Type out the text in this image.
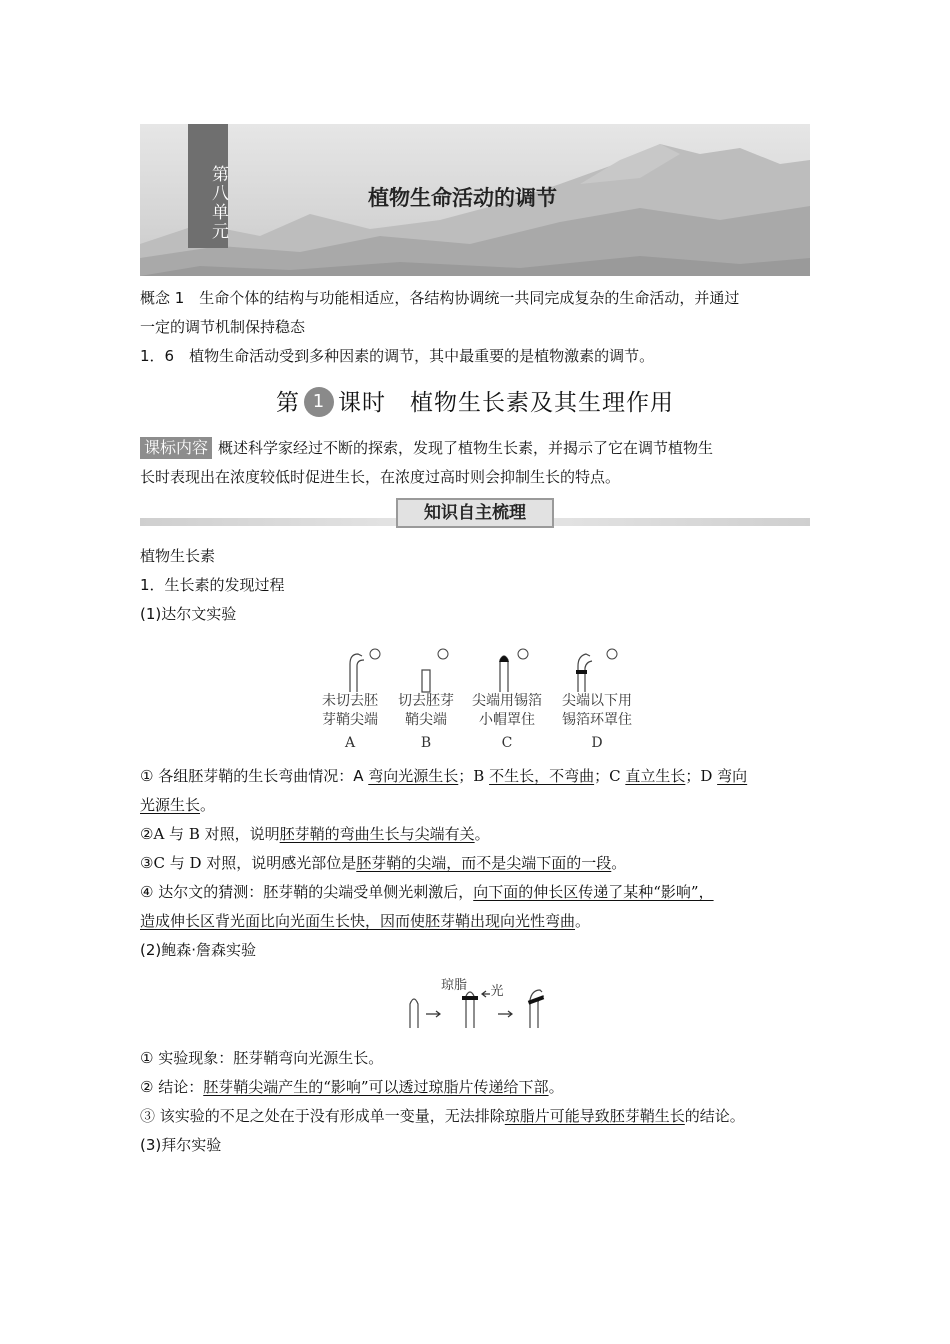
第八单元	植物生命活动的调节
概念 1　生命个体的结构与功能相适应，各结构协调统一共同完成复杂的生命活动，并通过
一定的调节机制保持稳态
1．6　植物生命活动受到多种因素的调节，其中最重要的是植物激素的调节。
第 1 课时　植物生长素及其生理作用
课标内容 概述科学家经过不断的探索，发现了植物生长素，并揭示了它在调节植物生
长时表现出在浓度较低时促进生长，在浓度过高时则会抑制生长的特点。
知识自主梳理
植物生长素
1．生长素的发现过程
(1)达尔文实验
未切去胚
芽鞘尖端
A
切去胚芽
鞘尖端
B
尖端用锡箔
小帽罩住
C
尖端以下用
锡箔环罩住
D
① 各组胚芽鞘的生长弯曲情况：A 弯向光源生长；B 不生长，不弯曲；C 直立生长；D 弯向
光源生长。
②A 与 B 对照，说明胚芽鞘的弯曲生长与尖端有关。
③C 与 D 对照，说明感光部位是胚芽鞘的尖端，而不是尖端下面的一段。
④ 达尔文的猜测：胚芽鞘的尖端受单侧光刺激后，向下面的伸长区传递了某种“影响”，
造成伸长区背光面比向光面生长快，因而使胚芽鞘出现向光性弯曲。
(2)鲍森·詹森实验
琼脂	光
① 实验现象：胚芽鞘弯向光源生长。
② 结论：胚芽鞘尖端产生的“影响”可以透过琼脂片传递给下部。
③ 该实验的不足之处在于没有形成单一变量，无法排除琼脂片可能导致胚芽鞘生长的结论。
(3)拜尔实验
